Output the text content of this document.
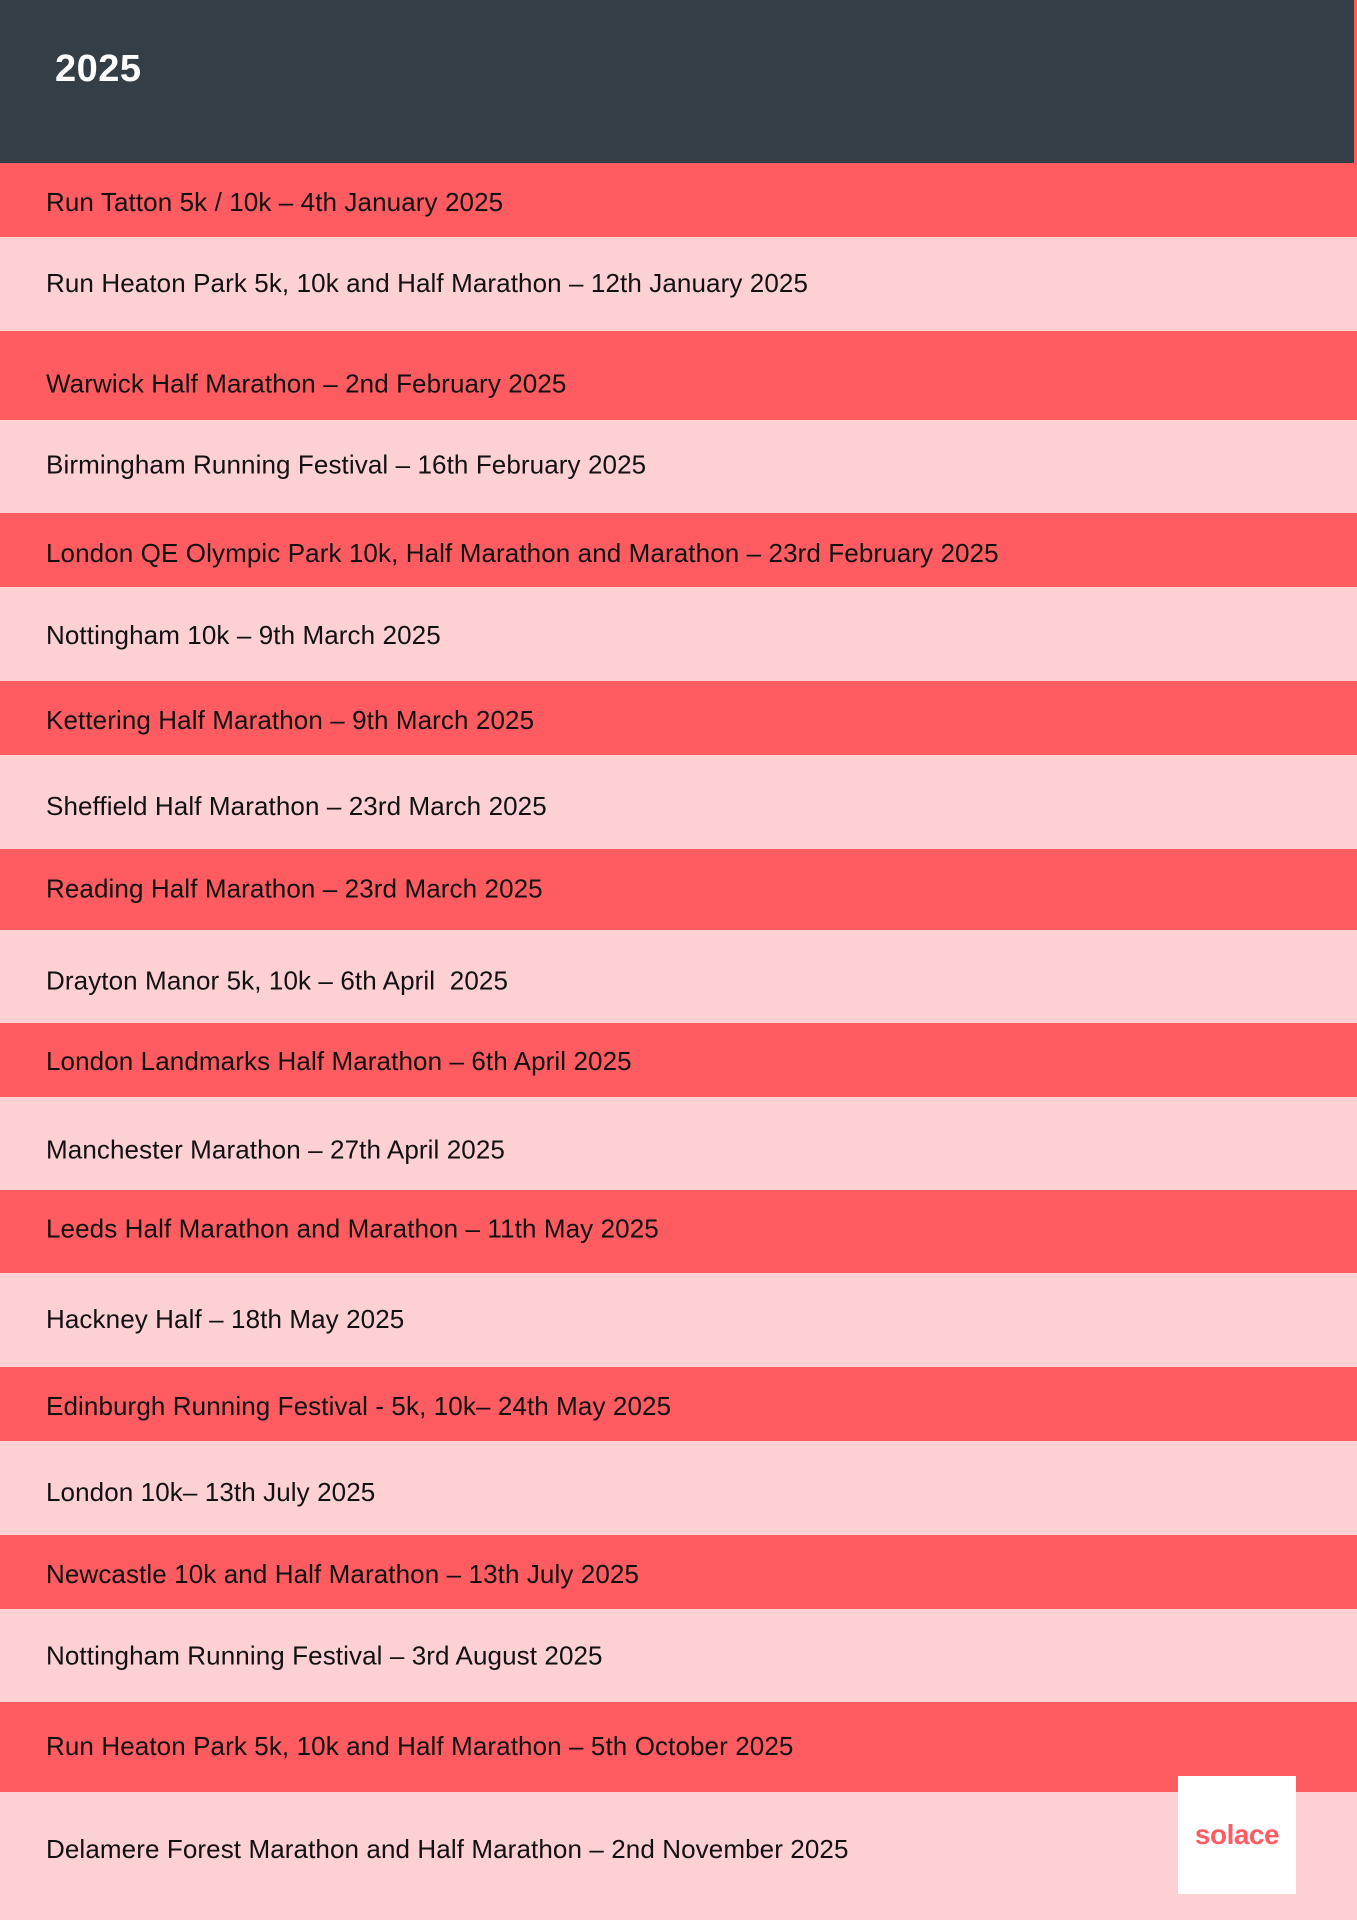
2025
Run Tatton 5k / 10k – 4th January 2025
Run Heaton Park 5k, 10k and Half Marathon – 12th January 2025
Warwick Half Marathon – 2nd February 2025
Birmingham Running Festival – 16th February 2025
London QE Olympic Park 10k, Half Marathon and Marathon – 23rd February 2025
Nottingham 10k – 9th March 2025
Kettering Half Marathon – 9th March 2025
Sheffield Half Marathon – 23rd March 2025
Reading Half Marathon – 23rd March 2025
Drayton Manor 5k, 10k – 6th April  2025
London Landmarks Half Marathon – 6th April 2025
Manchester Marathon – 27th April 2025
Leeds Half Marathon and Marathon – 11th May 2025
Hackney Half – 18th May 2025
Edinburgh Running Festival - 5k, 10k– 24th May 2025
London 10k– 13th July 2025
Newcastle 10k and Half Marathon – 13th July 2025
Nottingham Running Festival – 3rd August 2025
Run Heaton Park 5k, 10k and Half Marathon – 5th October 2025
Delamere Forest Marathon and Half Marathon – 2nd November 2025	solace
